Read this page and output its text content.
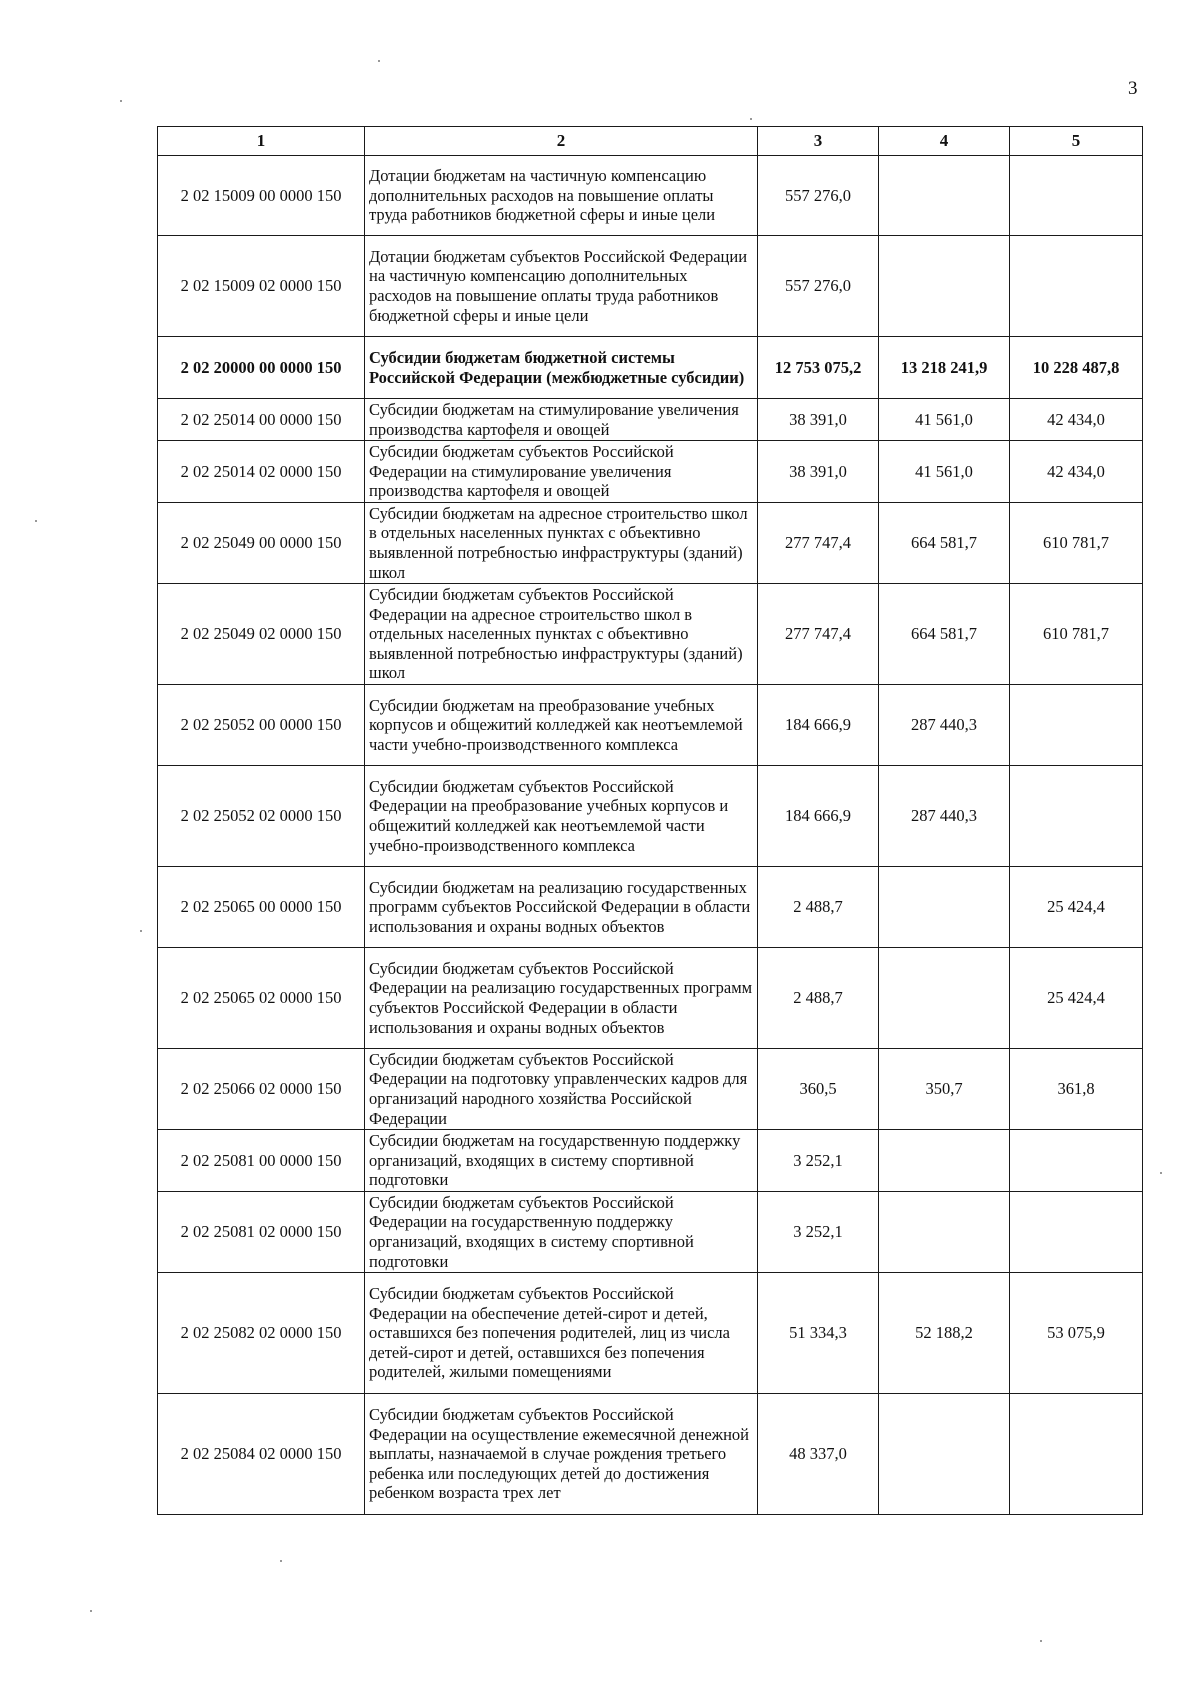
3
1	2	3	4	5
2 02 15009 00 0000 150	Дотации бюджетам на частичную компенсацию дополнительных расходов на повышение оплаты труда работников бюджетной сферы и иные цели	557 276,0		
2 02 15009 02 0000 150	Дотации бюджетам субъектов Российской Федерации на частичную компенсацию дополнительных расходов на повышение оплаты труда работников бюджетной сферы и иные цели	557 276,0		
2 02 20000 00 0000 150	Субсидии бюджетам бюджетной системы Российской Федерации (межбюджетные субсидии)	12 753 075,2	13 218 241,9	10 228 487,8
2 02 25014 00 0000 150	Субсидии бюджетам на стимулирование увеличения производства картофеля и овощей	38 391,0	41 561,0	42 434,0
2 02 25014 02 0000 150	Субсидии бюджетам субъектов Российской Федерации на стимулирование увеличения производства картофеля и овощей	38 391,0	41 561,0	42 434,0
2 02 25049 00 0000 150	Субсидии бюджетам на адресное строительство школ в отдельных населенных пунктах с объективно выявленной потребностью инфраструктуры (зданий) школ	277 747,4	664 581,7	610 781,7
2 02 25049 02 0000 150	Субсидии бюджетам субъектов Российской Федерации на адресное строительство школ в отдельных населенных пунктах с объективно выявленной потребностью инфраструктуры (зданий) школ	277 747,4	664 581,7	610 781,7
2 02 25052 00 0000 150	Субсидии бюджетам на преобразование учебных корпусов и общежитий колледжей как неотъемлемой части учебно-производственного комплекса	184 666,9	287 440,3	
2 02 25052 02 0000 150	Субсидии бюджетам субъектов Российской Федерации на преобразование учебных корпусов и общежитий колледжей как неотъемлемой части учебно-производственного комплекса	184 666,9	287 440,3	
2 02 25065 00 0000 150	Субсидии бюджетам на реализацию государственных программ субъектов Российской Федерации в области использования и охраны водных объектов	2 488,7		25 424,4
2 02 25065 02 0000 150	Субсидии бюджетам субъектов Российской Федерации на реализацию государственных программ субъектов Российской Федерации в области использования и охраны водных объектов	2 488,7		25 424,4
2 02 25066 02 0000 150	Субсидии бюджетам субъектов Российской Федерации на подготовку управленческих кадров для организаций народного хозяйства Российской Федерации	360,5	350,7	361,8
2 02 25081 00 0000 150	Субсидии бюджетам на государственную поддержку организаций, входящих в систему спортивной подготовки	3 252,1		
2 02 25081 02 0000 150	Субсидии бюджетам субъектов Российской Федерации на государственную поддержку организаций, входящих в систему спортивной подготовки	3 252,1		
2 02 25082 02 0000 150	Субсидии бюджетам субъектов Российской Федерации на обеспечение детей-сирот и детей, оставшихся без попечения родителей, лиц из числа детей-сирот и детей, оставшихся без попечения родителей, жилыми помещениями	51 334,3	52 188,2	53 075,9
2 02 25084 02 0000 150	Субсидии бюджетам субъектов Российской Федерации на осуществление ежемесячной денежной выплаты, назначаемой в случае рождения третьего ребенка или последующих детей до достижения ребенком возраста трех лет	48 337,0		
